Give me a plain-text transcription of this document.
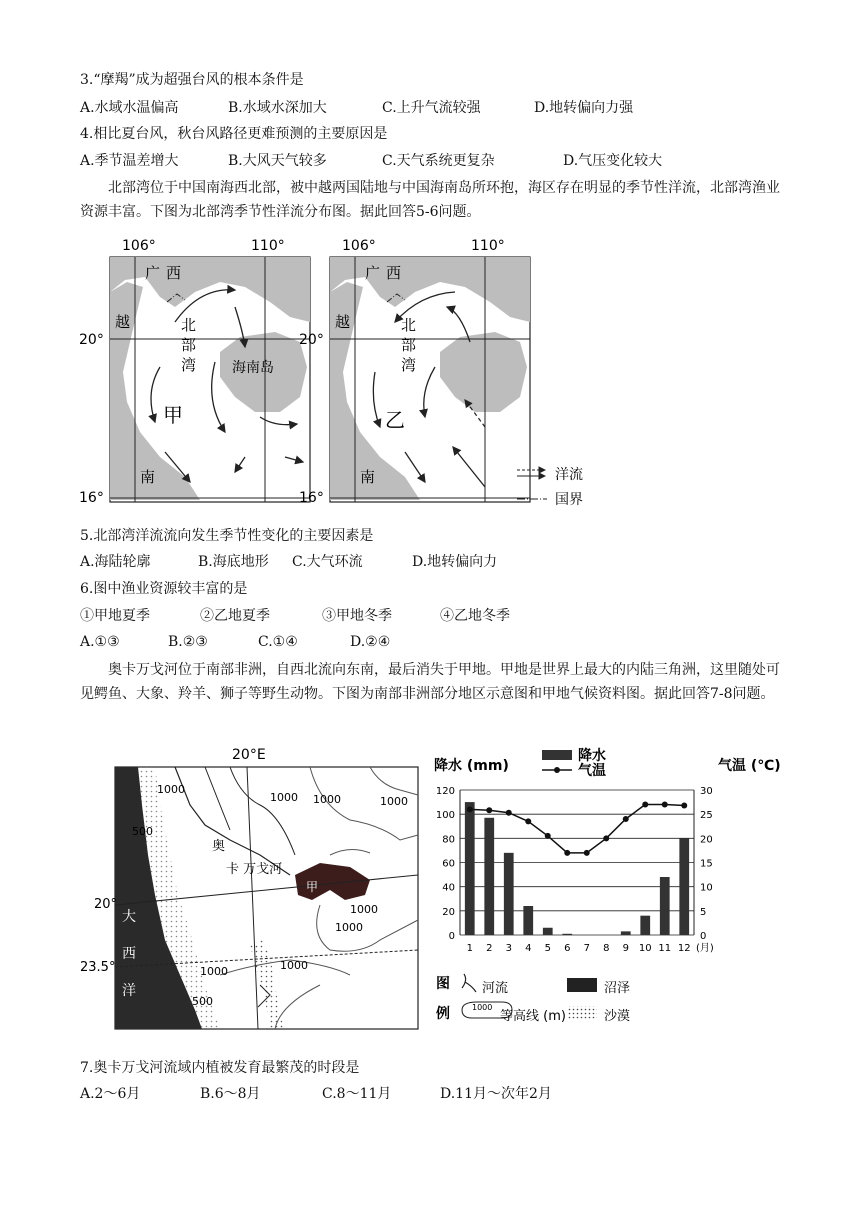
3.“摩羯”成为超强台风的根本条件是
A.水域水温偏高	B.水域水深加大	C.上升气流较强	D.地转偏向力强
4.相比夏台风，秋台风路径更难预测的主要原因是
A.季节温差增大	B.大风天气较多	C.天气系统更复杂	D.气压变化较大
北部湾位于中国南海西北部，被中越两国陆地与中国海南岛所环抱，海区存在明显的季节性洋流，北部湾渔业资源丰富。下图为北部湾季节性洋流分布图。据此回答5-6问题。
106°	110°	106°	110°
20°
16°
20°
16°
广西	广西
越	越
南	南
北
部
湾
北
部
湾
海南岛
甲	乙
洋流
国界
5.北部湾洋流流向发生季节性变化的主要因素是
A.海陆轮廓	B.海底地形 C.大气环流	D.地转偏向力
6.图中渔业资源较丰富的是
①甲地夏季	②乙地夏季	③甲地冬季	④乙地冬季
A.①③	B.②③	C.①④	D.②④
奥卡万戈河位于南部非洲，自西北流向东南，最后消失于甲地。甲地是世界上最大的内陆三角洲，这里随处可见鳄鱼、大象、羚羊、狮子等野生动物。下图为南部非洲部分地区示意图和甲地气候资料图。据此回答7-8问题。
20°E
20°
23.5°
大
西
洋
奥
卡 万戈河
甲
1000
500
1000 1000	1000
1000
1000
1000
1000
500
降水 (mm)	气温 (℃)
降水
气温
0
20
40
60
80
100
120
0
5
10
15
20
25
30
1 2 3 4 5 6 7 8 9 10 11 12 (月)
图
例
河流	沼泽
1000
等高线 (m)	沙漠
7.奥卡万戈河流域内植被发育最繁茂的时段是
A.2～6月	B.6～8月	C.8～11月	D.11月～次年2月
